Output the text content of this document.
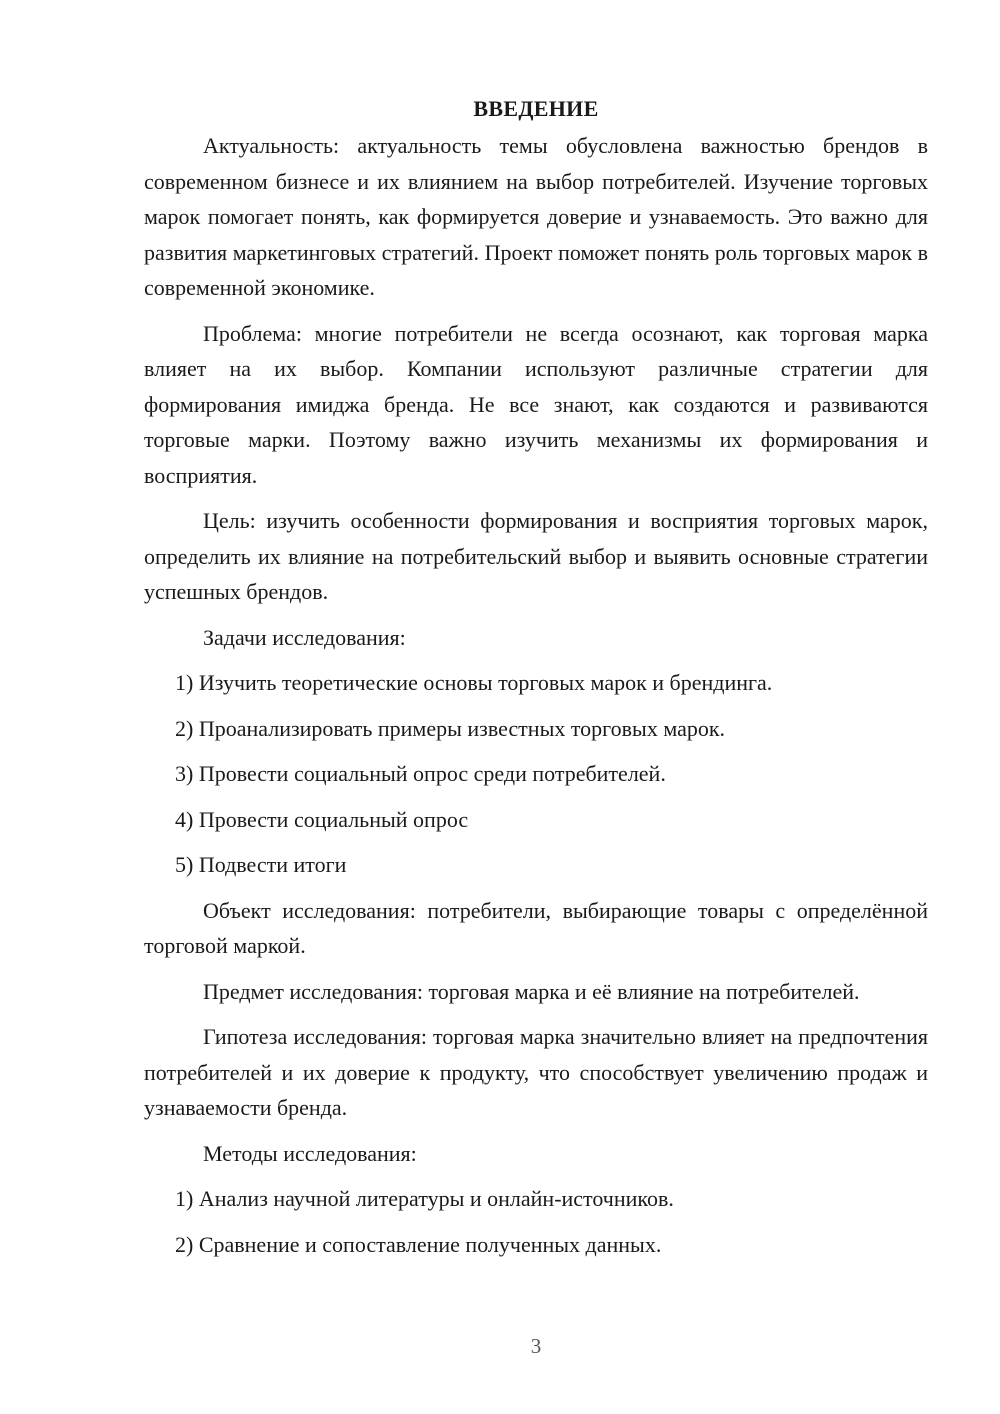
ВВЕДЕНИЕ

Актуальность: актуальность темы обусловлена важностью брендов в современном бизнесе и их влиянием на выбор потребителей. Изучение торговых марок помогает понять, как формируется доверие и узнаваемость. Это важно для развития маркетинговых стратегий. Проект поможет понять роль торговых марок в современной экономике.

Проблема: многие потребители не всегда осознают, как торговая марка влияет на их выбор. Компании используют различные стратегии для формирования имиджа бренда. Не все знают, как создаются и развиваются торговые марки. Поэтому важно изучить механизмы их формирования и восприятия.

Цель: изучить особенности формирования и восприятия торговых марок, определить их влияние на потребительский выбор и выявить основные стратегии успешных брендов.

Задачи исследования:
1) Изучить теоретические основы торговых марок и брендинга.
2) Проанализировать примеры известных торговых марок.
3) Провести социальный опрос среди потребителей.
4) Провести социальный опрос
5) Подвести итоги

Объект исследования: потребители, выбирающие товары с определённой торговой маркой.

Предмет исследования: торговая марка и её влияние на потребителей.

Гипотеза исследования: торговая марка значительно влияет на предпочтения потребителей и их доверие к продукту, что способствует увеличению продаж и узнаваемости бренда.

Методы исследования:
1) Анализ научной литературы и онлайн-источников.
2) Сравнение и сопоставление полученных данных.
3
